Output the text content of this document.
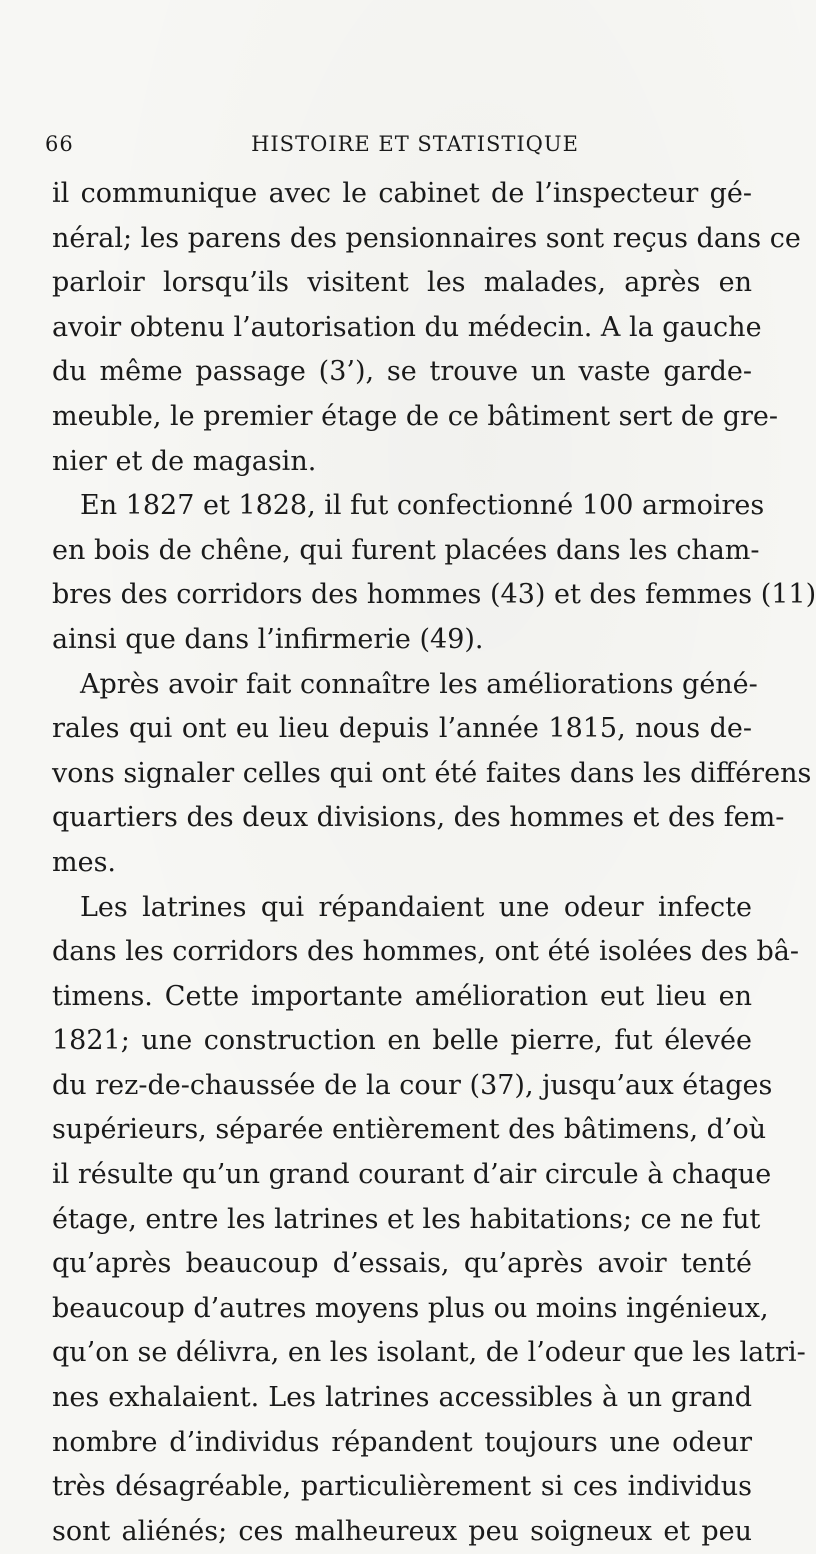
66	HISTOIRE ET STATISTIQUE
il communique avec le cabinet de l’inspecteur gé-
néral; les parens des pensionnaires sont reçus dans ce
parloir lorsqu’ils visitent les malades, après en
avoir obtenu l’autorisation du médecin. A la gauche
du même passage (3’), se trouve un vaste garde-
meuble, le premier étage de ce bâtiment sert de gre-
nier et de magasin.
En 1827 et 1828, il fut confectionné 100 armoires
en bois de chêne, qui furent placées dans les cham-
bres des corridors des hommes (43) et des femmes (11)
ainsi que dans l’infirmerie (49).
Après avoir fait connaître les améliorations géné-
rales qui ont eu lieu depuis l’année 1815, nous de-
vons signaler celles qui ont été faites dans les différens
quartiers des deux divisions, des hommes et des fem-
mes.
Les latrines qui répandaient une odeur infecte
dans les corridors des hommes, ont été isolées des bâ-
timens. Cette importante amélioration eut lieu en
1821; une construction en belle pierre, fut élevée
du rez-de-chaussée de la cour (37), jusqu’aux étages
supérieurs, séparée entièrement des bâtimens, d’où
il résulte qu’un grand courant d’air circule à chaque
étage, entre les latrines et les habitations; ce ne fut
qu’après beaucoup d’essais, qu’après avoir tenté
beaucoup d’autres moyens plus ou moins ingénieux,
qu’on se délivra, en les isolant, de l’odeur que les latri-
nes exhalaient. Les latrines accessibles à un grand
nombre d’individus répandent toujours une odeur
très désagréable, particulièrement si ces individus
sont aliénés; ces malheureux peu soigneux et peu
